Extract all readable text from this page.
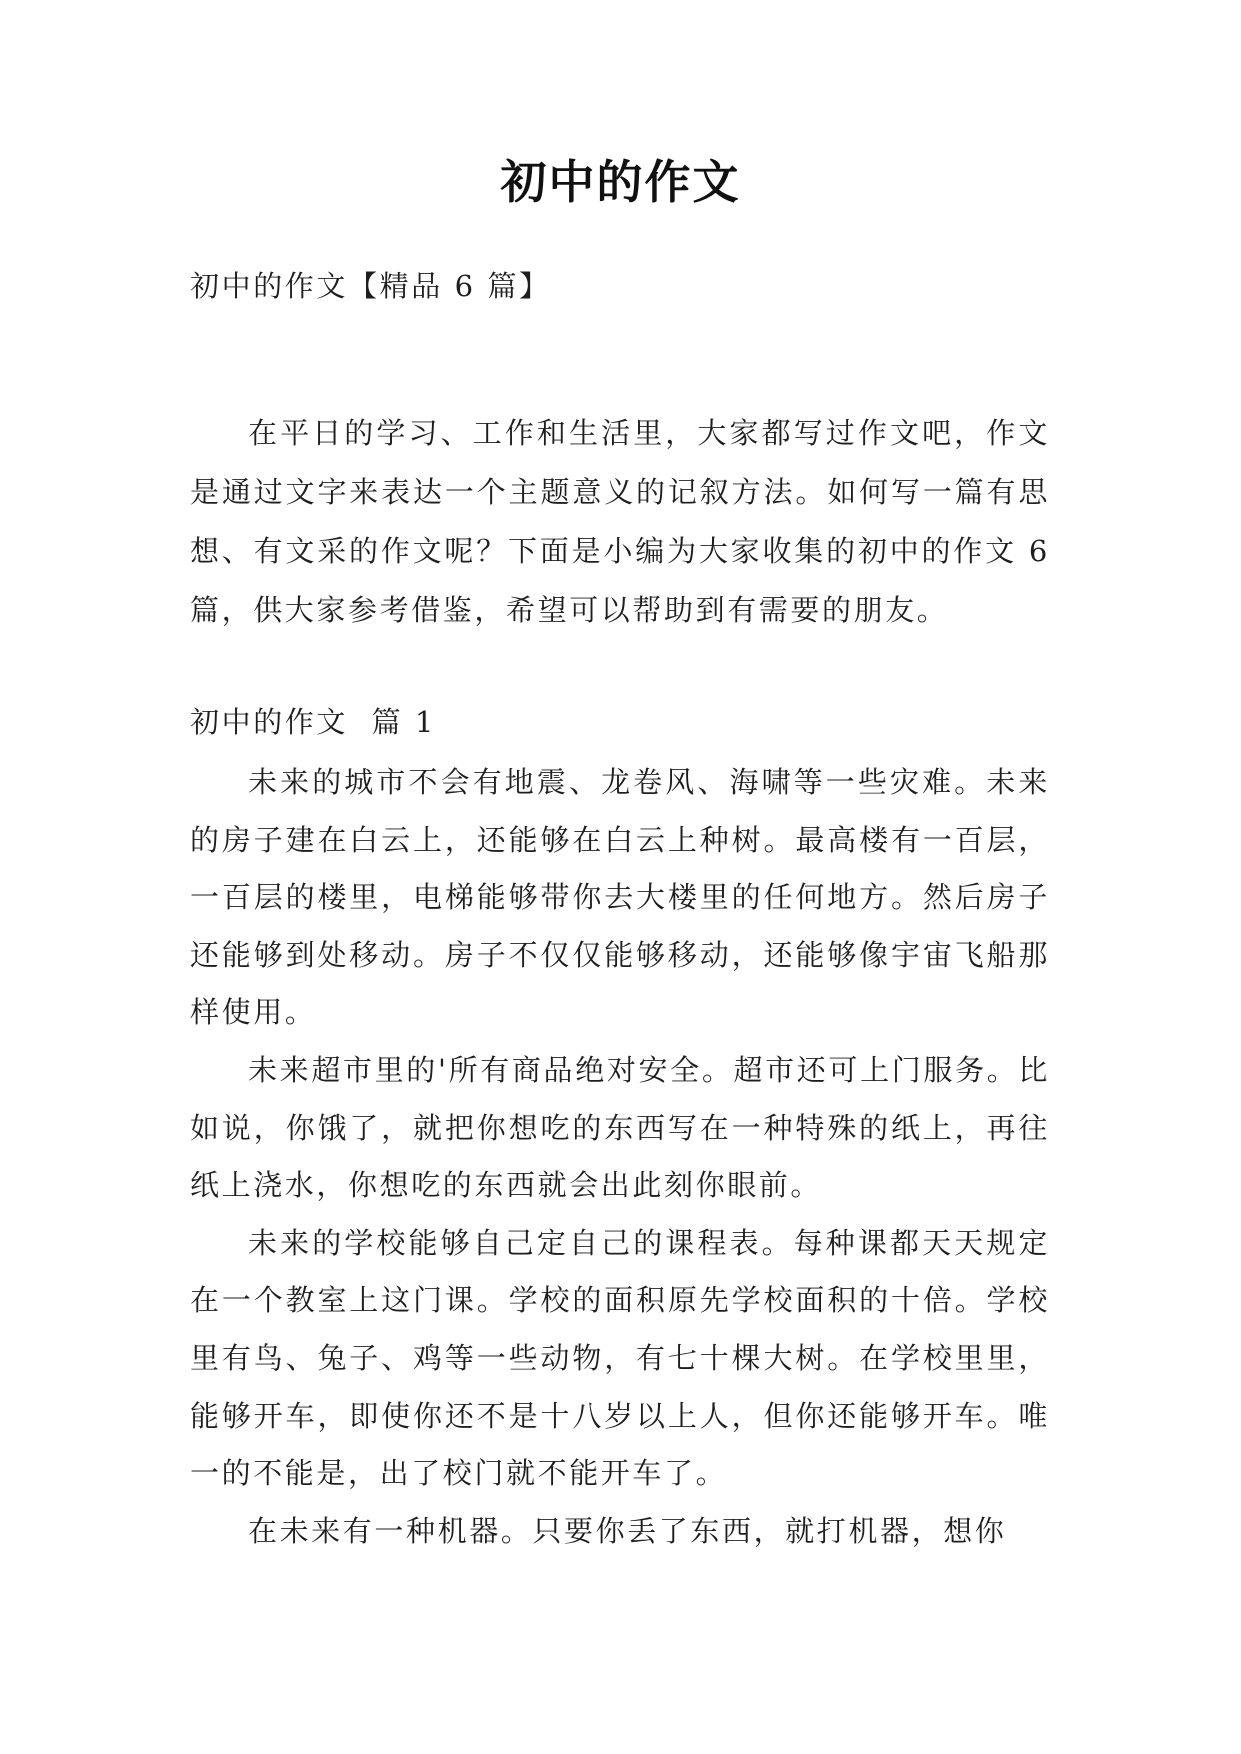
初中的作文
初中的作文【精品 6 篇】

在平日的学习、工作和生活里，大家都写过作文吧，作文是通过文字来表达一个主题意义的记叙方法。如何写一篇有思想、有文采的作文呢？下面是小编为大家收集的初中的作文 6 篇，供大家参考借鉴，希望可以帮助到有需要的朋友。

初中的作文  篇 1

未来的城市不会有地震、龙卷风、海啸等一些灾难。未来的房子建在白云上，还能够在白云上种树。最高楼有一百层，一百层的楼里，电梯能够带你去大楼里的任何地方。然后房子还能够到处移动。房子不仅仅能够移动，还能够像宇宙飞船那样使用。

未来超市里的'所有商品绝对安全。超市还可上门服务。比如说，你饿了，就把你想吃的东西写在一种特殊的纸上，再往纸上浇水，你想吃的东西就会出此刻你眼前。

未来的学校能够自己定自己的课程表。每种课都天天规定在一个教室上这门课。学校的面积原先学校面积的十倍。学校里有鸟、兔子、鸡等一些动物，有七十棵大树。在学校里里，能够开车，即使你还不是十八岁以上人，但你还能够开车。唯一的不能是，出了校门就不能开车了。

在未来有一种机器。只要你丢了东西，就打机器，想你
